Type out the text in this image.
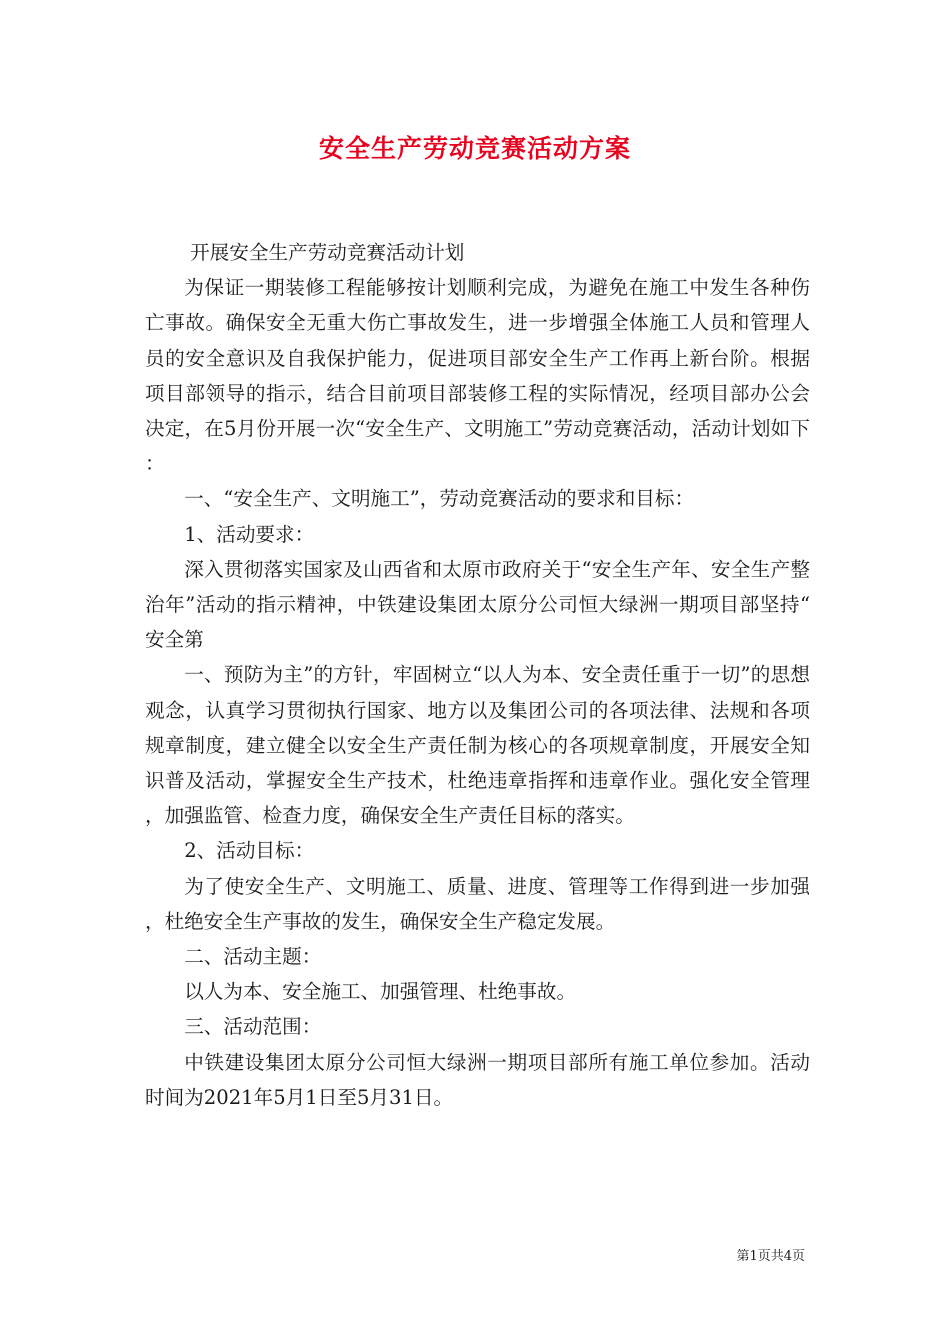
安全生产劳动竞赛活动方案

开展安全生产劳动竞赛活动计划

为保证一期装修工程能够按计划顺利完成，为避免在施工中发生各种伤亡事故。确保安全无重大伤亡事故发生，进一步增强全体施工人员和管理人员的安全意识及自我保护能力，促进项目部安全生产工作再上新台阶。根据项目部领导的指示，结合目前项目部装修工程的实际情况，经项目部办公会决定，在5月份开展一次“安全生产、文明施工”劳动竞赛活动，活动计划如下：

一、“安全生产、文明施工”，劳动竞赛活动的要求和目标：

1、活动要求：

深入贯彻落实国家及山西省和太原市政府关于“安全生产年、安全生产整治年”活动的指示精神，中铁建设集团太原分公司恒大绿洲一期项目部坚持“安全第

一、预防为主”的方针，牢固树立“以人为本、安全责任重于一切”的思想观念，认真学习贯彻执行国家、地方以及集团公司的各项法律、法规和各项规章制度，建立健全以安全生产责任制为核心的各项规章制度，开展安全知识普及活动，掌握安全生产技术，杜绝违章指挥和违章作业。强化安全管理，加强监管、检查力度，确保安全生产责任目标的落实。

2、活动目标：

为了使安全生产、文明施工、质量、进度、管理等工作得到进一步加强，杜绝安全生产事故的发生，确保安全生产稳定发展。

二、活动主题：

以人为本、安全施工、加强管理、杜绝事故。

三、活动范围：

中铁建设集团太原分公司恒大绿洲一期项目部所有施工单位参加。活动时间为2021年5月1日至5月31日。

第1页共4页
